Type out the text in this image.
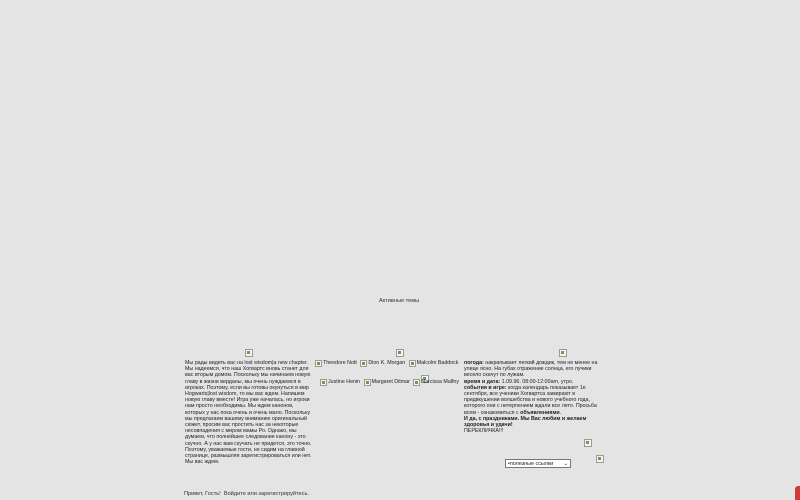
Активные темы

Мы рады видеть вас на lost wisdom|a new chapter. Мы надеемся, что наш Хогвартс вновь станет для вас вторым домом. Поскольку мы начинаем новую главу в жизни верданы, мы очень нуждаемся в игроках. Поэтому, если вы готовы окунуться в мир Hogwarts|lost wisdom, то мы вас ждем. Напишем новую главу вместе! Игра уже началась, но игроки нам просто необходимы. Мы ждем канонов, которых у нас пока очень и очень мало. Поскольку мы предлагаем вашему вниманию оригинальный сюжет, просим вас простить нас за некоторые несовпадения с миром мамы Ро. Однако, мы думаем, что полнейшее следование канону - это скучно. А у нас вам скучать не придется, это точно. Поэтому, уважаемые гости, не сидим на главной странице, размышляя зарегистрироваться или нет. Мы вас ждем.
Theodore Nott
Dion K. Morgan
Malcolm Baddock

Justine Henin
Margaret Ditmar
Narcissa Malfoy
погода: накрапывает легкий дождик, тем не менее на улице ясно. На губах отражение солнца, его лучики весело скачут по лужам.
время и дата: 1.09.96. 08:00-12:00am, утро.
события в игре: когда календарь показывает 1е сентября, все ученики Хогвартса замирают в предвкушении волшебства и нового учебного года, которого они с нетерпением ждали все лето. Просьба всем - ознакомиться с объявлениями.
И да, с праздниками. Мы Вас любим и желаем здоровья и удачи!
ПЕРЕКЛИЧКА!!!

•полезные ссылки ⌄
Привет, Гость! Войдите или зарегистрируйтесь.
